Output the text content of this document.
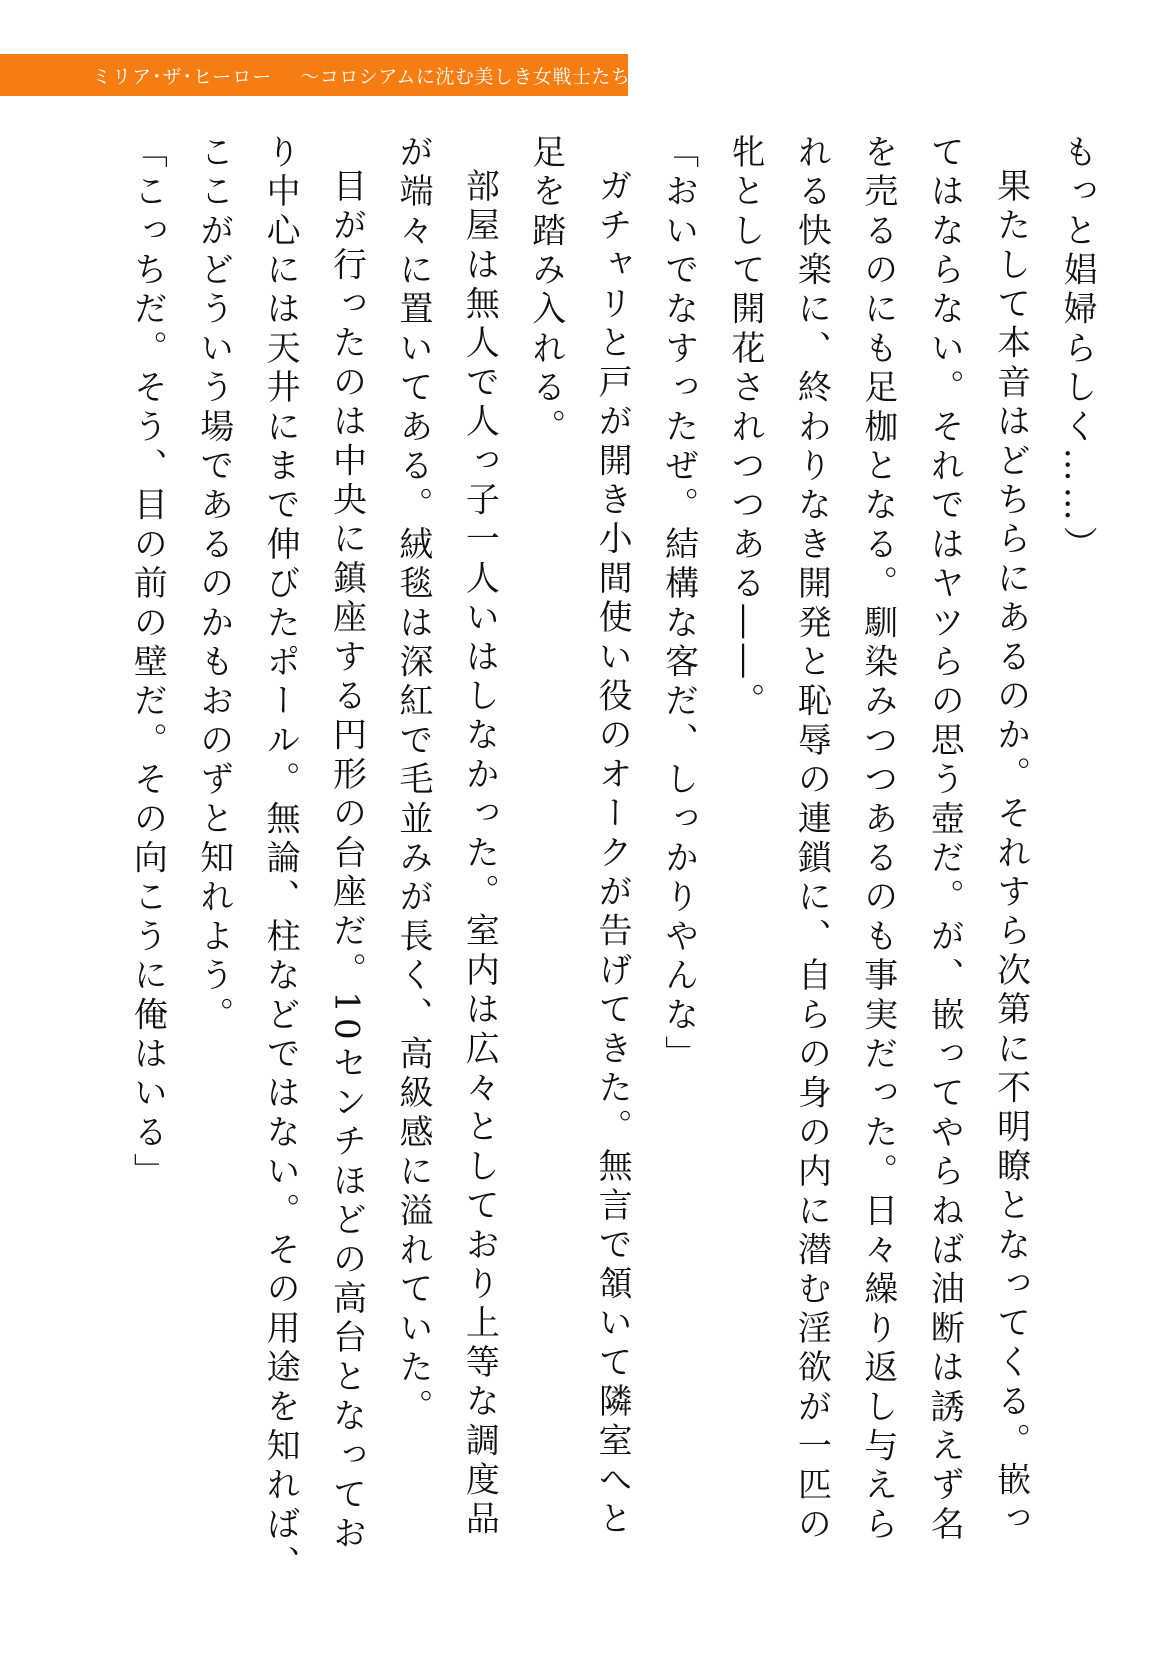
ミリア･ザ･ヒーロー ～コロシアムに沈む美しき女戦士たち～

もっと娼婦らしく……）

果たして本音はどちらにあるのか。それすら次第に不明瞭となってくる。嵌っ

てはならない。それではヤツらの思う壺だ。が、嵌ってやらねば油断は誘えず名

を売るのにも足枷となる。馴染みつつあるのも事実だった。日々繰り返し与えら

れる快楽に、終わりなき開発と恥辱の連鎖に、自らの身の内に潜む淫欲が一匹の

牝として開花されつつある――。

「おいでなすったぜ。結構な客だ、しっかりやんな」

ガチャリと戸が開き小間使い役のオークが告げてきた。無言で頷いて隣室へと

足を踏み入れる。

部屋は無人で人っ子一人いはしなかった。室内は広々としており上等な調度品

が端々に置いてある。絨毯は深紅で毛並みが長く、高級感に溢れていた。

目が行ったのは中央に鎮座する円形の台座だ。10センチほどの高台となってお

り中心には天井にまで伸びたポール。無論、柱などではない。その用途を知れば、

ここがどういう場であるのかもおのずと知れよう。

「こっちだ。そう、目の前の壁だ。その向こうに俺はいる」
